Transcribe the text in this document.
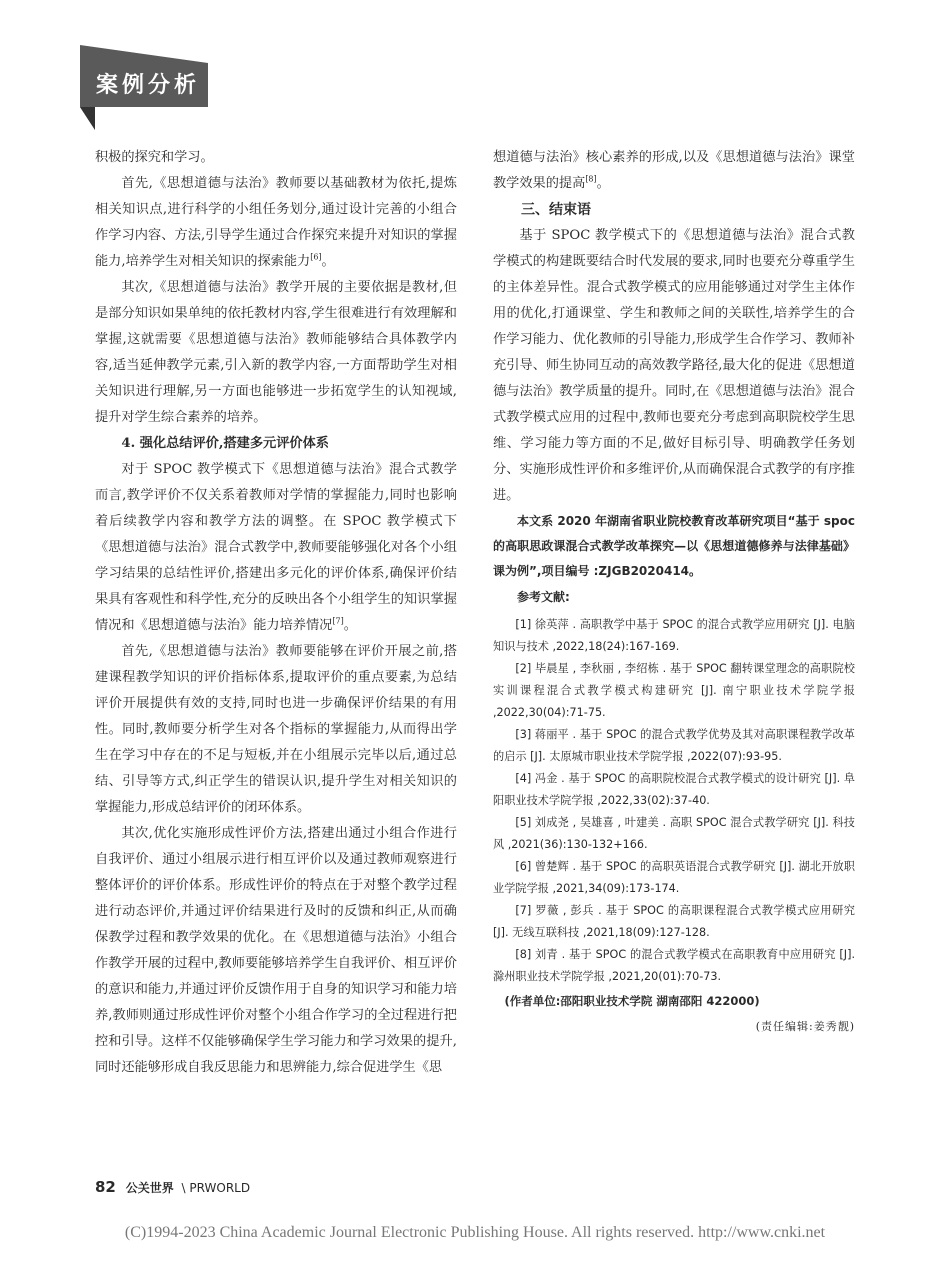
案例分析

积极的探究和学习。

首先,《思想道德与法治》教师要以基础教材为依托,提炼相关知识点,进行科学的小组任务划分,通过设计完善的小组合作学习内容、方法,引导学生通过合作探究来提升对知识的掌握能力,培养学生对相关知识的探索能力[6]。

其次,《思想道德与法治》教学开展的主要依据是教材,但是部分知识如果单纯的依托教材内容,学生很难进行有效理解和掌握,这就需要《思想道德与法治》教师能够结合具体教学内容,适当延伸教学元素,引入新的教学内容,一方面帮助学生对相关知识进行理解,另一方面也能够进一步拓宽学生的认知视域,提升对学生综合素养的培养。

4. 强化总结评价,搭建多元评价体系

对于 SPOC 教学模式下《思想道德与法治》混合式教学而言,教学评价不仅关系着教师对学情的掌握能力,同时也影响着后续教学内容和教学方法的调整。在 SPOC 教学模式下《思想道德与法治》混合式教学中,教师要能够强化对各个小组学习结果的总结性评价,搭建出多元化的评价体系,确保评价结果具有客观性和科学性,充分的反映出各个小组学生的知识掌握情况和《思想道德与法治》能力培养情况[7]。

首先,《思想道德与法治》教师要能够在评价开展之前,搭建课程教学知识的评价指标体系,提取评价的重点要素,为总结评价开展提供有效的支持,同时也进一步确保评价结果的有用性。同时,教师要分析学生对各个指标的掌握能力,从而得出学生在学习中存在的不足与短板,并在小组展示完毕以后,通过总结、引导等方式,纠正学生的错误认识,提升学生对相关知识的掌握能力,形成总结评价的闭环体系。

其次,优化实施形成性评价方法,搭建出通过小组合作进行自我评价、通过小组展示进行相互评价以及通过教师观察进行整体评价的评价体系。形成性评价的特点在于对整个教学过程进行动态评价,并通过评价结果进行及时的反馈和纠正,从而确保教学过程和教学效果的优化。在《思想道德与法治》小组合作教学开展的过程中,教师要能够培养学生自我评价、相互评价的意识和能力,并通过评价反馈作用于自身的知识学习和能力培养,教师则通过形成性评价对整个小组合作学习的全过程进行把控和引导。这样不仅能够确保学生学习能力和学习效果的提升,同时还能够形成自我反思能力和思辨能力,综合促进学生《思

想道德与法治》核心素养的形成,以及《思想道德与法治》课堂教学效果的提高[8]。

三、结束语

基于 SPOC 教学模式下的《思想道德与法治》混合式教学模式的构建既要结合时代发展的要求,同时也要充分尊重学生的主体差异性。混合式教学模式的应用能够通过对学生主体作用的优化,打通课堂、学生和教师之间的关联性,培养学生的合作学习能力、优化教师的引导能力,形成学生合作学习、教师补充引导、师生协同互动的高效教学路径,最大化的促进《思想道德与法治》教学质量的提升。同时,在《思想道德与法治》混合式教学模式应用的过程中,教师也要充分考虑到高职院校学生思维、学习能力等方面的不足,做好目标引导、明确教学任务划分、实施形成性评价和多维评价,从而确保混合式教学的有序推进。

本文系 2020 年湖南省职业院校教育改革研究项目“基于 spoc 的高职思政课混合式教学改革探究—以《思想道德修养与法律基础》课为例”,项目编号 :ZJGB2020414。

参考文献:

[1] 徐英萍 . 高职教学中基于 SPOC 的混合式教学应用研究 [J]. 电脑知识与技术 ,2022,18(24):167-169.

[2] 毕晨星 , 李秋丽 , 李绍栋 . 基于 SPOC 翻转课堂理念的高职院校实训课程混合式教学模式构建研究 [J]. 南宁职业技术学院学报 ,2022,30(04):71-75.

[3] 蒋丽平 . 基于 SPOC 的混合式教学优势及其对高职课程教学改革的启示 [J]. 太原城市职业技术学院学报 ,2022(07):93-95.

[4] 冯金 . 基于 SPOC 的高职院校混合式教学模式的设计研究 [J]. 阜阳职业技术学院学报 ,2022,33(02):37-40.

[5] 刘成尧 , 吴雄喜 , 叶建美 . 高职 SPOC 混合式教学研究 [J]. 科技风 ,2021(36):130-132+166.

[6] 曾楚辉 . 基于 SPOC 的高职英语混合式教学研究 [J]. 湖北开放职业学院学报 ,2021,34(09):173-174.

[7] 罗薇 , 彭兵 . 基于 SPOC 的高职课程混合式教学模式应用研究 [J]. 无线互联科技 ,2021,18(09):127-128.

[8] 刘青 . 基于 SPOC 的混合式教学模式在高职教育中应用研究 [J]. 滁州职业技术学院学报 ,2021,20(01):70-73.

(作者单位:邵阳职业技术学院 湖南邵阳 422000)

(责任编辑:姜秀靓)

82 公关世界 \ PRWORLD
(C)1994-2023 China Academic Journal Electronic Publishing House. All rights reserved. http://www.cnki.net
